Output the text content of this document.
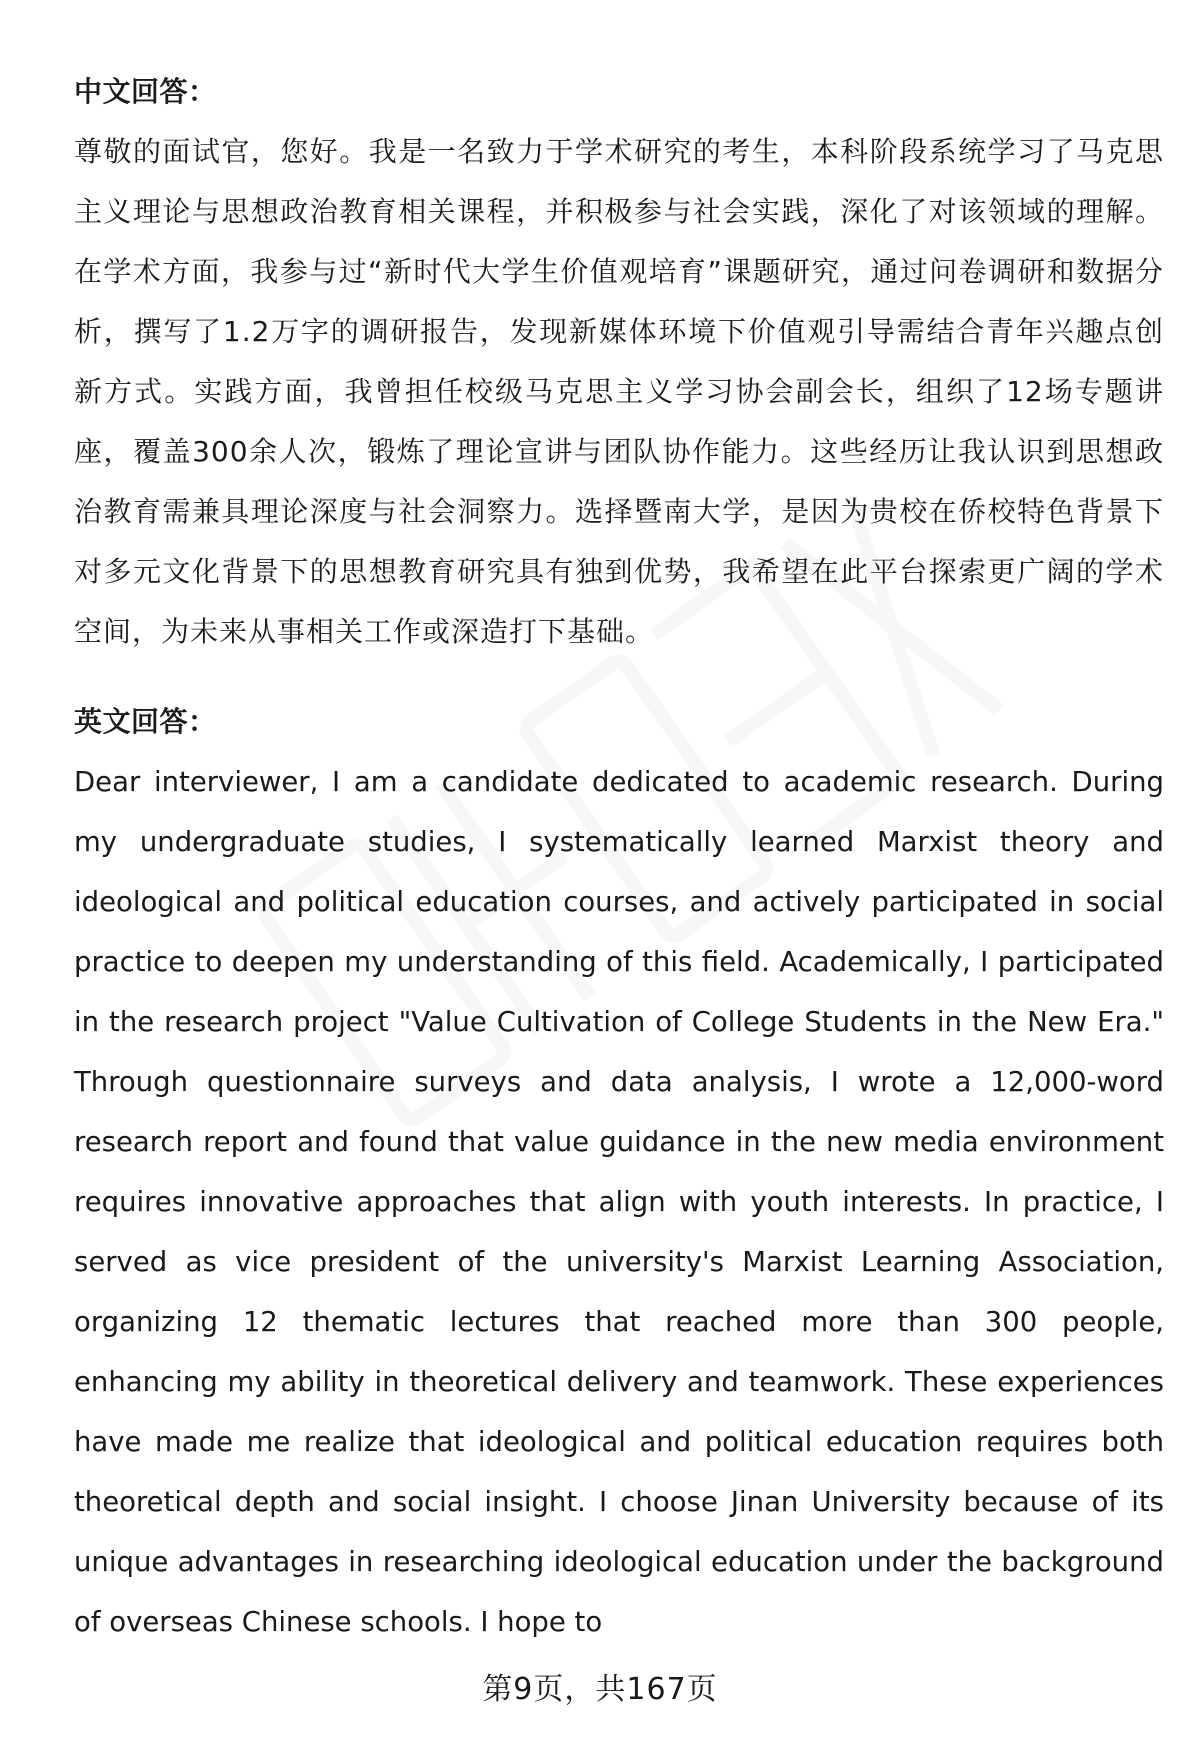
中文回答：

尊敬的面试官，您好。我是一名致力于学术研究的考生，本科阶段系统学习了马克思主义理论与思想政治教育相关课程，并积极参与社会实践，深化了对该领域的理解。在学术方面，我参与过“新时代大学生价值观培育”课题研究，通过问卷调研和数据分析，撰写了1.2万字的调研报告，发现新媒体环境下价值观引导需结合青年兴趣点创新方式。实践方面，我曾担任校级马克思主义学习协会副会长，组织了12场专题讲座，覆盖300余人次，锻炼了理论宣讲与团队协作能力。这些经历让我认识到思想政治教育需兼具理论深度与社会洞察力。选择暨南大学，是因为贵校在侨校特色背景下对多元文化背景下的思想教育研究具有独到优势，我希望在此平台探索更广阔的学术空间，为未来从事相关工作或深造打下基础。

英文回答：

Dear interviewer, I am a candidate dedicated to academic research. During my undergraduate studies, I systematically learned Marxist theory and ideological and political education courses, and actively participated in social practice to deepen my understanding of this field. Academically, I participated in the research project "Value Cultivation of College Students in the New Era." Through questionnaire surveys and data analysis, I wrote a 12,000-word research report and found that value guidance in the new media environment requires innovative approaches that align with youth interests. In practice, I served as vice president of the university's Marxist Learning Association, organizing 12 thematic lectures that reached more than 300 people, enhancing my ability in theoretical delivery and teamwork. These experiences have made me realize that ideological and political education requires both theoretical depth and social insight. I choose Jinan University because of its unique advantages in researching ideological education under the background of overseas Chinese schools. I hope to

第9页，共167页
